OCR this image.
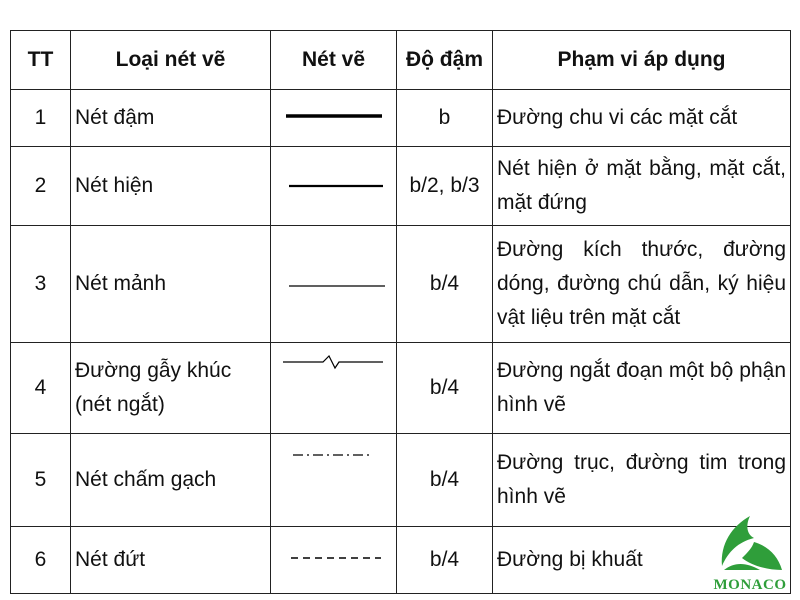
TT	Loại nét vẽ	Nét vẽ	Độ đậm	Phạm vi áp dụng
1	Nét đậm		b	Đường chu vi các mặt cắt
2	Nét hiện		b/2, b/3	Nét hiện ở mặt bằng, mặt cắt, mặt đứng
3	Nét mảnh		b/4	Đường kích thước, đường dóng, đường chú dẫn, ký hiệu vật liệu trên mặt cắt
4	Đường gẫy khúc (nét ngắt)		b/4	Đường ngắt đoạn một bộ phận hình vẽ
5	Nét chấm gạch		b/4	Đường trục, đường tim trong hình vẽ
6	Nét đứt		b/4	Đường bị khuất
MONACO
